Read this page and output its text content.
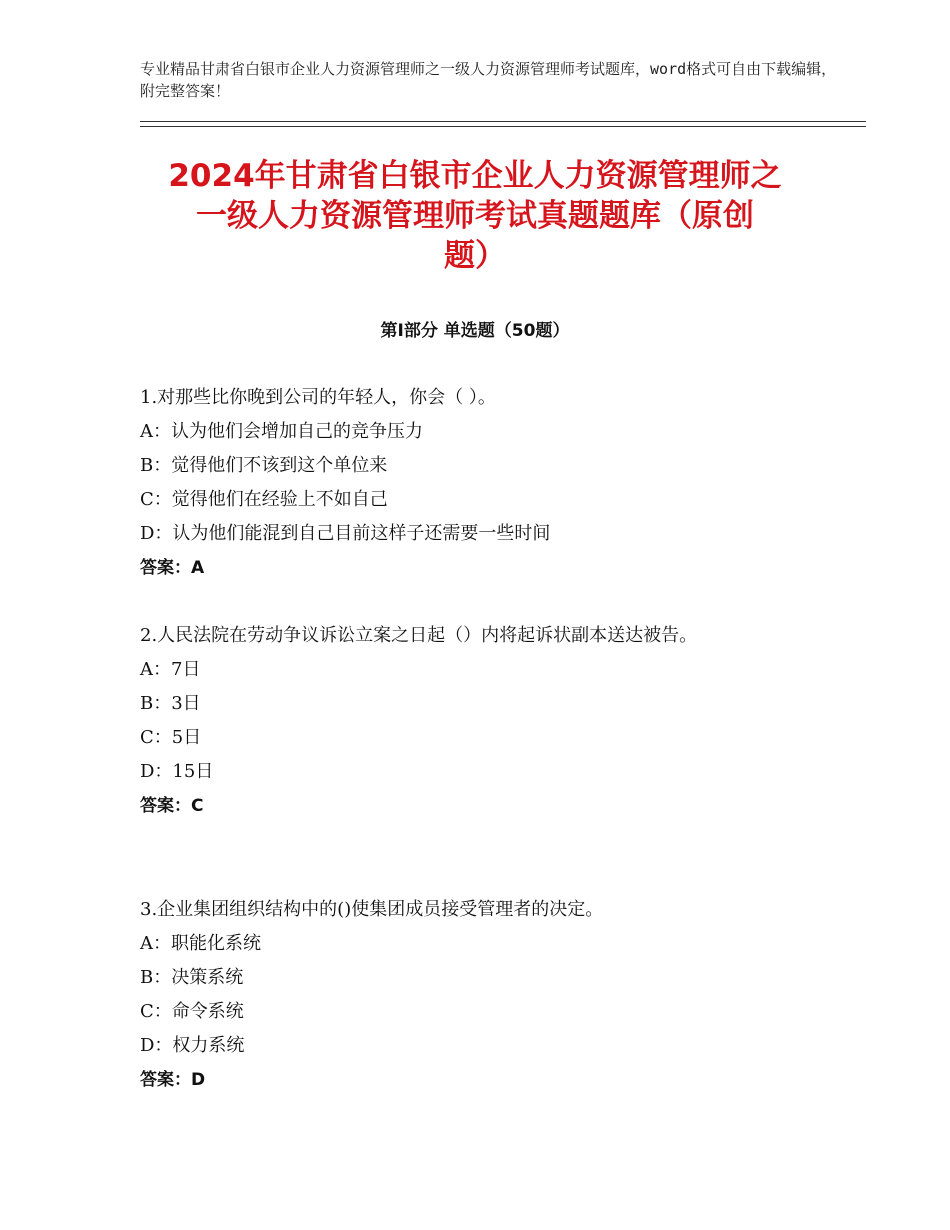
专业精品甘肃省白银市企业人力资源管理师之一级人力资源管理师考试题库，word格式可自由下载编辑，附完整答案！
2024年甘肃省白银市企业人力资源管理师之
一级人力资源管理师考试真题题库（原创
题）
第Ⅰ部分 单选题（50题）
1.对那些比你晚到公司的年轻人，你会（ ）。
A：认为他们会增加自己的竞争压力
B：觉得他们不该到这个单位来
C：觉得他们在经验上不如自己
D：认为他们能混到自己目前这样子还需要一些时间
答案：A
2.人民法院在劳动争议诉讼立案之日起（）内将起诉状副本送达被告。
A：7日
B：3日
C：5日
D：15日
答案：C
3.企业集团组织结构中的()使集团成员接受管理者的决定。
A：职能化系统
B：决策系统
C：命令系统
D：权力系统
答案：D
